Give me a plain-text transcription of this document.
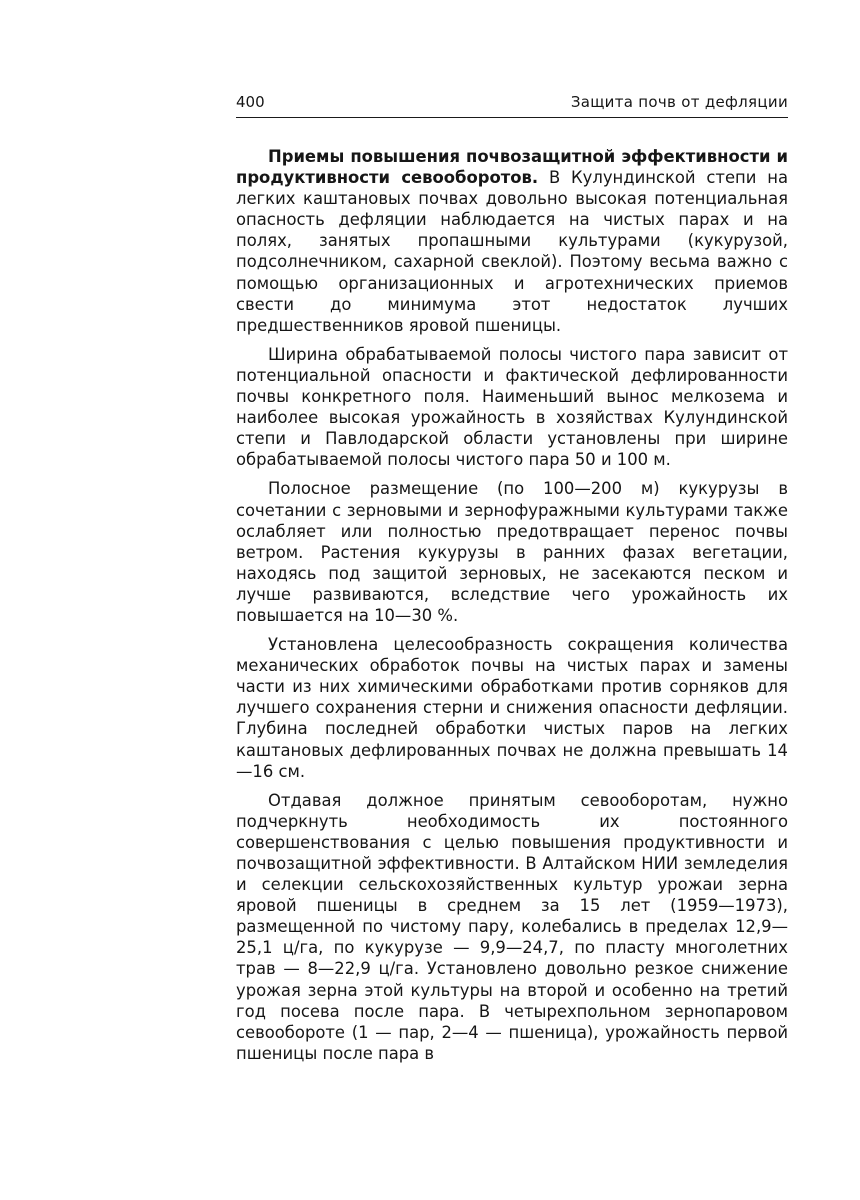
400	Защита почв от дефляции

Приемы повышения почвозащитной эффективности и продуктивности севооборотов. В Кулундинской степи на легких каштановых почвах довольно высокая потенциальная опасность дефляции наблюдается на чистых парах и на полях, занятых пропашными культурами (кукурузой, подсолнечником, сахарной свеклой). Поэтому весьма важно с помощью организационных и агротехнических приемов свести до минимума этот недостаток лучших предшественников яровой пшеницы.

Ширина обрабатываемой полосы чистого пара зависит от потенциальной опасности и фактической дефлированности почвы конкретного поля. Наименьший вынос мелкозема и наиболее высокая урожайность в хозяйствах Кулундинской степи и Павлодарской области установлены при ширине обрабатываемой полосы чистого пара 50 и 100 м.

Полосное размещение (по 100—200 м) кукурузы в сочетании с зерновыми и зернофуражными культурами также ослабляет или полностью предотвращает перенос почвы ветром. Растения кукурузы в ранних фазах вегетации, находясь под защитой зерновых, не засекаются песком и лучше развиваются, вследствие чего урожайность их повышается на 10—30 %.

Установлена целесообразность сокращения количества механических обработок почвы на чистых парах и замены части из них химическими обработками против сорняков для лучшего сохранения стерни и снижения опасности дефляции. Глубина последней обработки чистых паров на легких каштановых дефлированных почвах не должна превышать 14—16 см.

Отдавая должное принятым севооборотам, нужно подчеркнуть необходимость их постоянного совершенствования с целью повышения продуктивности и почвозащитной эффективности. В Алтайском НИИ земледелия и селекции сельскохозяйственных культур урожаи зерна яровой пшеницы в среднем за 15 лет (1959—1973), размещенной по чистому пару, колебались в пределах 12,9—25,1 ц/га, по кукурузе — 9,9—24,7, по пласту многолетних трав — 8—22,9 ц/га. Установлено довольно резкое снижение урожая зерна этой культуры на второй и особенно на третий год посева после пара. В четырехпольном зернопаровом севообороте (1 — пар, 2—4 — пшеница), урожайность первой пшеницы после пара в
